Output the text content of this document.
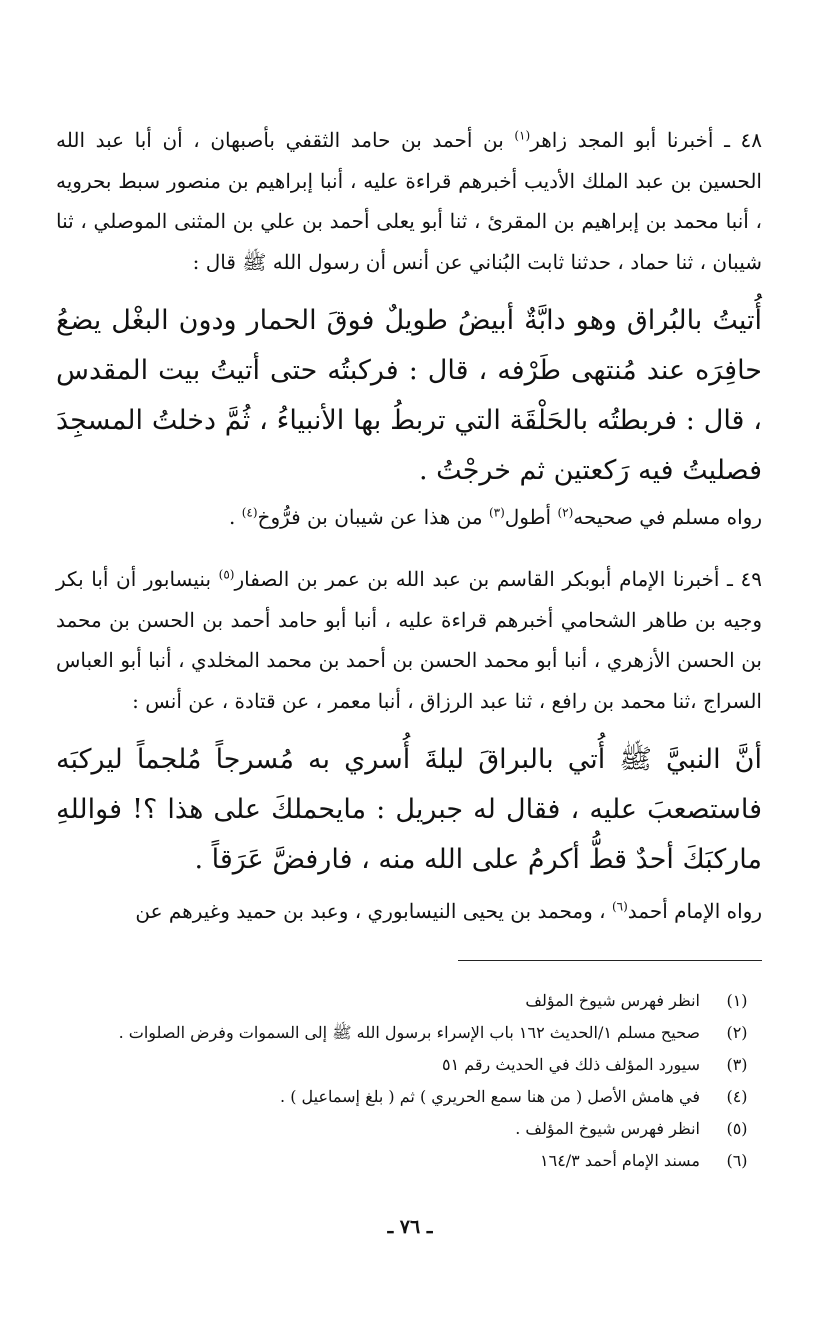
٤٨ ـ أخبرنا أبو المجد زاهر$^{(١)}$ بن أحمد بن حامد الثقفي بأصبهان ، أن أبا عبد الله الحسين بن عبد الملك الأديب أخبرهم قراءة عليه ، أنبا إبراهيم بن منصور سبط بحرويه ، أنبا محمد بن إبراهيم بن المقرئ ، ثنا أبو يعلى أحمد بن علي بن المثنى الموصلي ، ثنا شيبان ، ثنا حماد ، حدثنا ثابت البُناني عن أنس أن رسول الله ﷺ قال :

أُتيتُ بالبُراق وهو دابَّةٌ أبيضُ طويلٌ فوقَ الحمار ودون البغْل يضعُ حافِرَه عند مُنتهى طَرْفه ، قال : فركبتُه حتى أتيتُ بيت المقدس ، قال : فربطتُه بالحَلْقَة التي تربطُ بها الأنبياءُ ، ثُمَّ دخلتُ المسجِدَ فصليتُ فيه رَكعتين ثم خرجْتُ .

رواه مسلم في صحيحه$^{(٢)}$ أطول$^{(٣)}$ من هذا عن شيبان بن فرُّوخ$^{(٤)}$ .

٤٩ ـ أخبرنا الإمام أبوبكر القاسم بن عبد الله بن عمر بن الصفار$^{(٥)}$ بنيسابور أن أبا بكر وجيه بن طاهر الشحامي أخبرهم قراءة عليه ، أنبا أبو حامد أحمد بن الحسن بن محمد بن الحسن الأزهري ، أنبا أبو محمد الحسن بن أحمد بن محمد المخلدي ، أنبا أبو العباس السراج ،ثنا محمد بن رافع ، ثنا عبد الرزاق ، أنبا معمر ، عن قتادة ، عن أنس :

أنَّ النبيَّ ﷺ أُتي بالبراقَ ليلةَ أُسري به مُسرجاً مُلجماً ليركبَه فاستصعبَ عليه ، فقال له جبريل : مايحملكَ على هذا ؟! فواللهِ ماركبَكَ أحدٌ قطُّ أكرمُ على الله منه ، فارفضَّ عَرَقاً .

رواه الإمام أحمد$^{(٦)}$ ، ومحمد بن يحيى النيسابوري ، وعبد بن حميد وغيرهم عن

(١)
انظر فهرس شيوخ المؤلف
(٢)
صحيح مسلم ١/الحديث ١٦٢ باب الإسراء برسول الله ﷺ إلى السموات وفرض الصلوات .
(٣)
سيورد المؤلف ذلك في الحديث رقم ٥١
(٤)
في هامش الأصل ( من هنا سمع الحريري ) ثم ( بلغ إسماعيل ) .
(٥)
انظر فهرس شيوخ المؤلف .
(٦)
مسند الإمام أحمد ١٦٤/٣
ـ ٧٦ ـ
